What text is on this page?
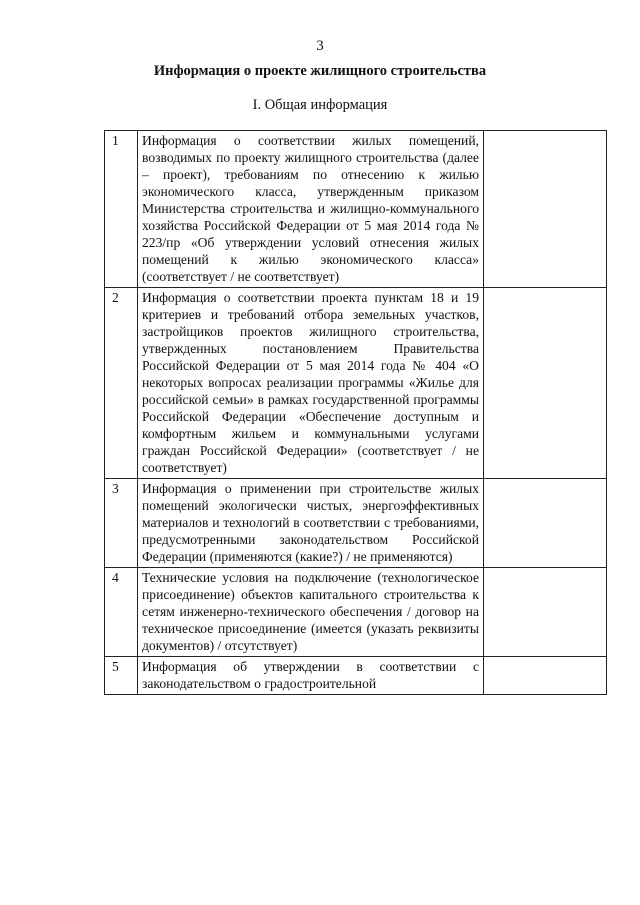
3
Информация о проекте жилищного строительства
I. Общая информация
1	Информация о соответствии жилых помещений, возводимых по проекту жилищного строительства (далее – проект), требованиям по отнесению к жилью экономического класса, утвержденным приказом Министерства строительства и жилищно-коммунального хозяйства Российской Федерации от 5 мая 2014 года № 223/пр «Об утверждении условий отнесения жилых помещений к жилью экономического класса» (соответствует / не соответствует)	

2	Информация о соответствии проекта пунктам 18 и 19 критериев и требований отбора земельных участков, застройщиков проектов жилищного строительства, утвержденных постановлением Правительства Российской Федерации от 5 мая 2014 года № 404 «О некоторых вопросах реализации программы «Жилье для российской семьи» в рамках государственной программы Российской Федерации «Обеспечение доступным и комфортным жильем и коммунальными услугами граждан Российской Федерации» (соответствует / не соответствует)	

3	Информация о применении при строительстве жилых помещений экологически чистых, энергоэффективных материалов и технологий в соответствии с требованиями, предусмотренными законодательством Российской Федерации (применяются (какие?) / не применяются)	

4	Технические условия на подключение (технологическое присоединение) объектов капитального строительства к сетям инженерно-технического обеспечения / договор на техническое присоединение (имеется (указать реквизиты документов) / отсутствует)	

5	Информация об утверждении в соответствии с законодательством о градостроительной	
